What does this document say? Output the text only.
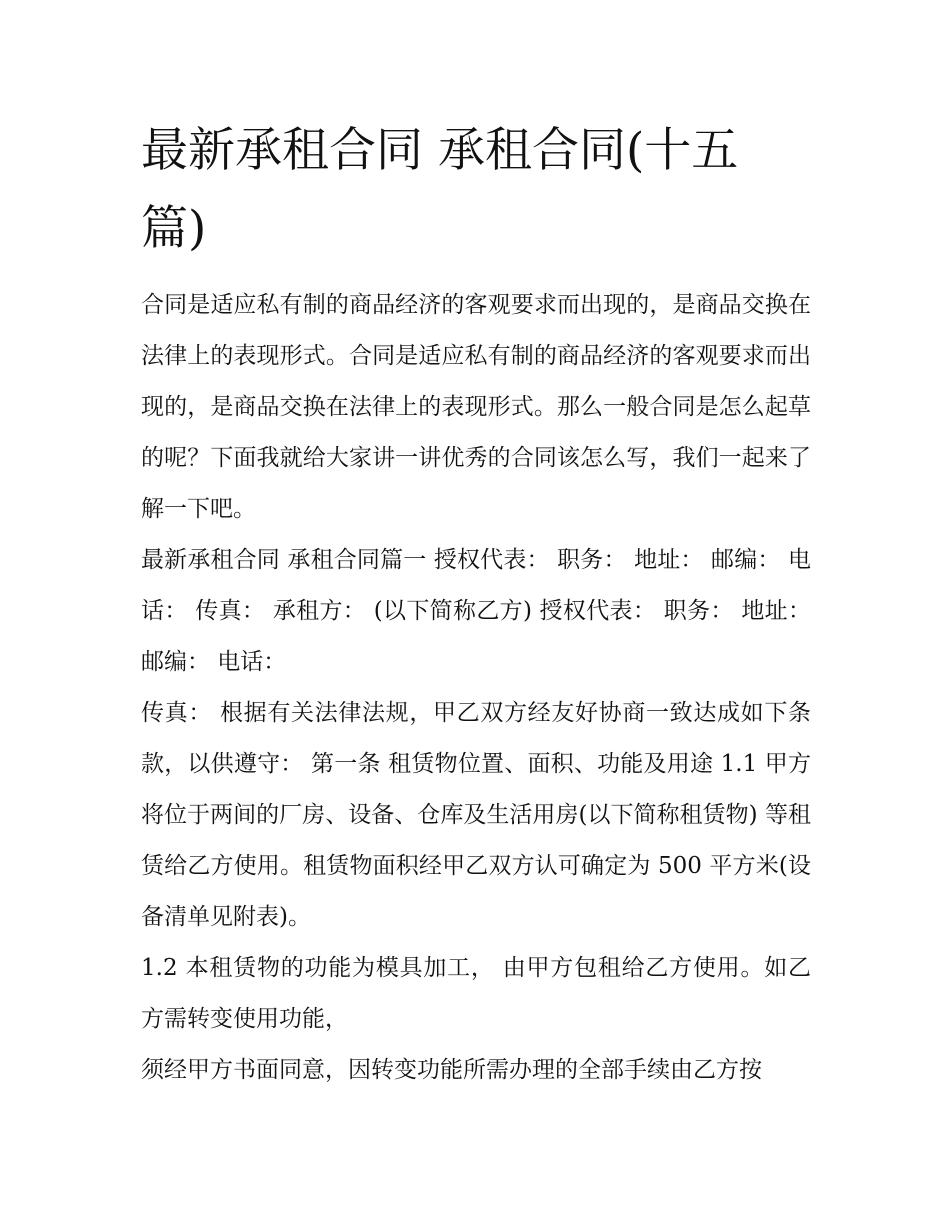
最新承租合同 承租合同(十五篇)

合同是适应私有制的商品经济的客观要求而出现的，是商品交换在法律上的表现形式。合同是适应私有制的商品经济的客观要求而出现的，是商品交换在法律上的表现形式。那么一般合同是怎么起草的呢？下面我就给大家讲一讲优秀的合同该怎么写，我们一起来了解一下吧。

最新承租合同 承租合同篇一 授权代表： 职务： 地址： 邮编： 电话： 传真： 承租方： (以下简称乙方) 授权代表： 职务： 地址： 邮编： 电话：

传真： 根据有关法律法规，甲乙双方经友好协商一致达成如下条款，以供遵守： 第一条 租赁物位置、面积、功能及用途 1.1 甲方将位于两间的厂房、设备、仓库及生活用房(以下简称租赁物) 等租赁给乙方使用。租赁物面积经甲乙双方认可确定为 500 平方米(设备清单见附表)。

1.2 本租赁物的功能为模具加工， 由甲方包租给乙方使用。如乙方需转变使用功能，

须经甲方书面同意，因转变功能所需办理的全部手续由乙方按
